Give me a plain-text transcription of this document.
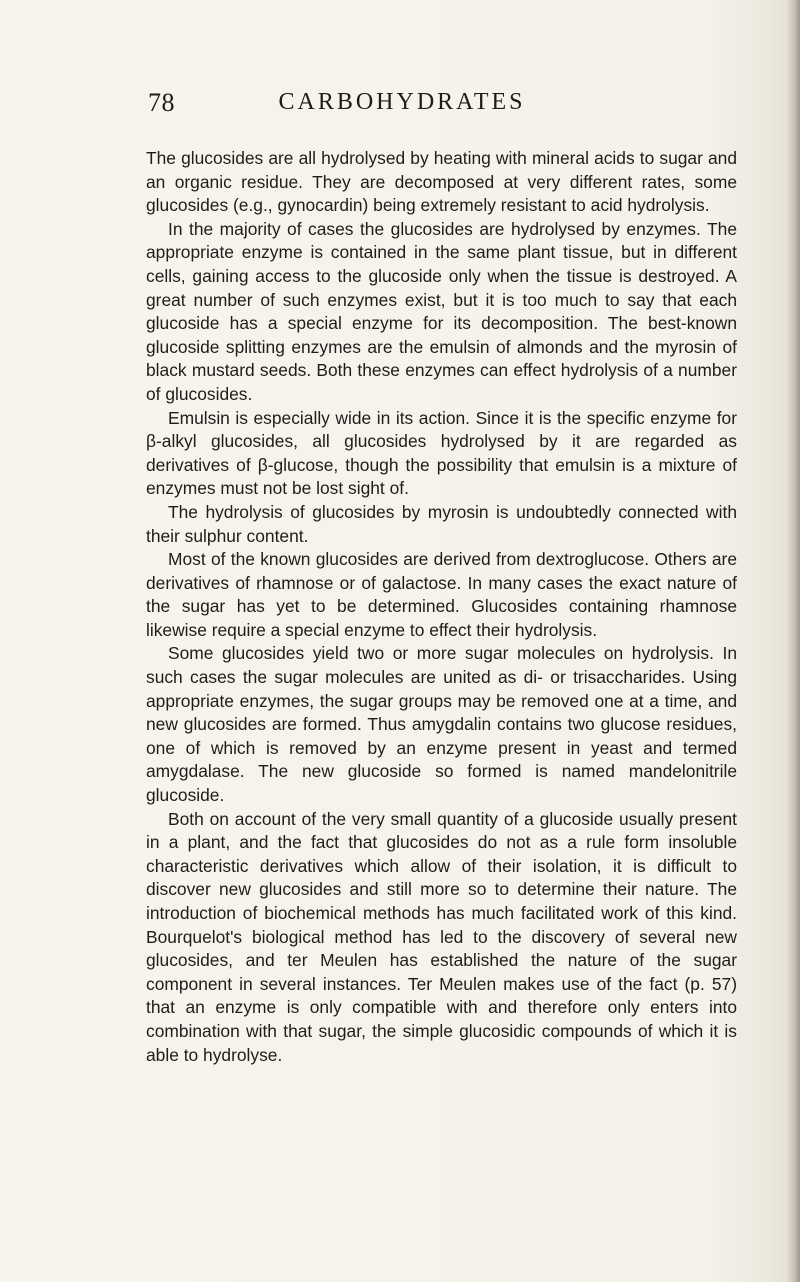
78	CARBOHYDRATES

The glucosides are all hydrolysed by heating with mineral acids to sugar and an organic residue. They are decomposed at very different rates, some glucosides (e.g., gynocardin) being extremely resistant to acid hydrolysis.

In the majority of cases the glucosides are hydrolysed by enzymes. The appropriate enzyme is contained in the same plant tissue, but in different cells, gaining access to the glucoside only when the tissue is destroyed. A great number of such enzymes exist, but it is too much to say that each glucoside has a special enzyme for its decomposition. The best-known glucoside splitting enzymes are the emulsin of almonds and the myrosin of black mustard seeds. Both these enzymes can effect hydrolysis of a number of glucosides.

Emulsin is especially wide in its action. Since it is the specific enzyme for β-alkyl glucosides, all glucosides hydrolysed by it are regarded as derivatives of β-glucose, though the possibility that emulsin is a mixture of enzymes must not be lost sight of.

The hydrolysis of glucosides by myrosin is undoubtedly connected with their sulphur content.

Most of the known glucosides are derived from dextroglucose. Others are derivatives of rhamnose or of galactose. In many cases the exact nature of the sugar has yet to be determined. Glucosides containing rhamnose likewise require a special enzyme to effect their hydrolysis.

Some glucosides yield two or more sugar molecules on hydrolysis. In such cases the sugar molecules are united as di- or trisaccharides. Using appropriate enzymes, the sugar groups may be removed one at a time, and new glucosides are formed. Thus amygdalin contains two glucose residues, one of which is removed by an enzyme present in yeast and termed amygdalase. The new glucoside so formed is named mandelonitrile glucoside.

Both on account of the very small quantity of a glucoside usually present in a plant, and the fact that glucosides do not as a rule form insoluble characteristic derivatives which allow of their isolation, it is difficult to discover new glucosides and still more so to determine their nature. The introduction of biochemical methods has much facilitated work of this kind. Bourquelot's biological method has led to the discovery of several new glucosides, and ter Meulen has established the nature of the sugar component in several instances. Ter Meulen makes use of the fact (p. 57) that an enzyme is only compatible with and therefore only enters into combination with that sugar, the simple glucosidic compounds of which it is able to hydrolyse.
